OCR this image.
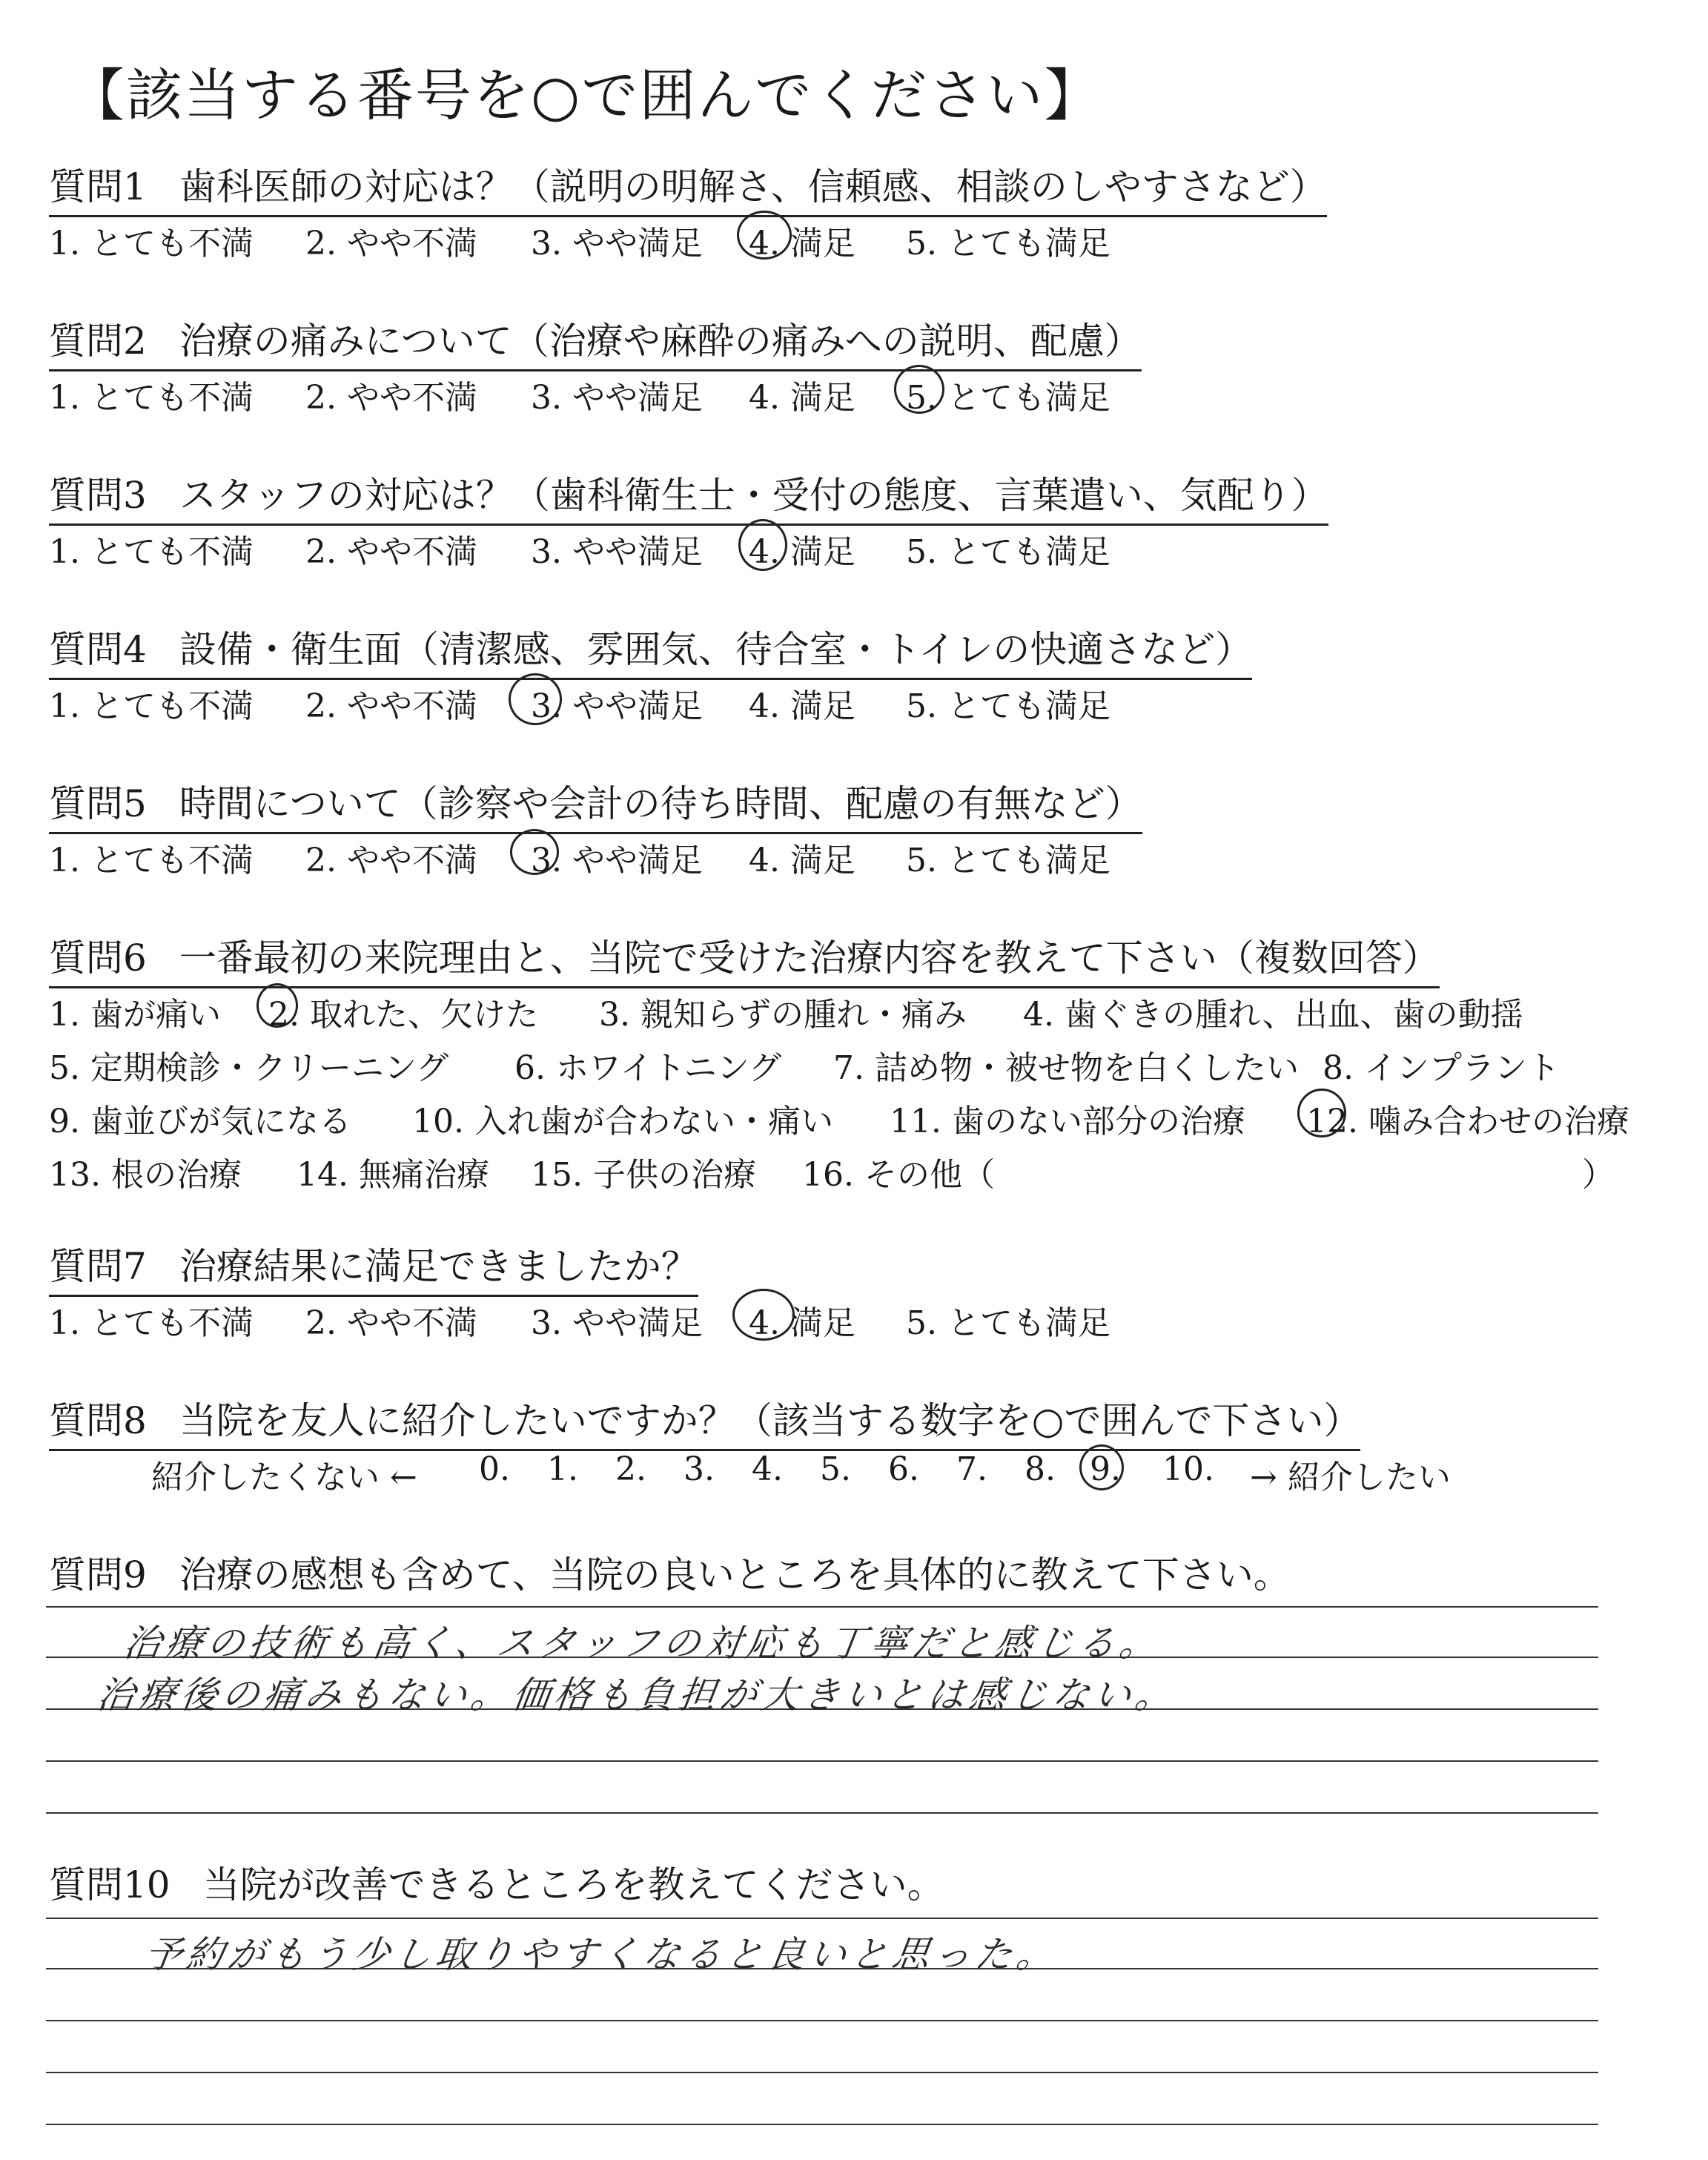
【該当する番号を○で囲んでください】
質問1 歯科医師の対応は？（説明の明解さ、信頼感、相談のしやすさなど）
1. とても不満 2. やや不満 3. やや満足 4. 満足 5. とても満足
質問2 治療の痛みについて（治療や麻酔の痛みへの説明、配慮）
1. とても不満 2. やや不満 3. やや満足 4. 満足 5. とても満足
質問3 スタッフの対応は？（歯科衛生士・受付の態度、言葉遣い、気配り）
1. とても不満 2. やや不満 3. やや満足 4. 満足 5. とても満足
質問4 設備・衛生面（清潔感、雰囲気、待合室・トイレの快適さなど）
1. とても不満 2. やや不満 3. やや満足 4. 満足 5. とても満足
質問5 時間について（診察や会計の待ち時間、配慮の有無など）
1. とても不満 2. やや不満 3. やや満足 4. 満足 5. とても満足
質問6 一番最初の来院理由と、当院で受けた治療内容を教えて下さい（複数回答）
1. 歯が痛い 2. 取れた、欠けた 3. 親知らずの腫れ・痛み 4. 歯ぐきの腫れ、出血、歯の動揺
5. 定期検診・クリーニング 6. ホワイトニング 7. 詰め物・被せ物を白くしたい 8. インプラント
9. 歯並びが気になる 10. 入れ歯が合わない・痛い 11. 歯のない部分の治療 12. 噛み合わせの治療
13. 根の治療 14. 無痛治療 15. 子供の治療 16. その他（	）
質問7 治療結果に満足できましたか？
1. とても不満 2. やや不満 3. やや満足 4. 満足 5. とても満足
質問8 当院を友人に紹介したいですか？（該当する数字を○で囲んで下さい）
紹介したくない ← 0. 1. 2. 3. 4. 5. 6. 7. 8. 9. 10. → 紹介したい
質問9 治療の感想も含めて、当院の良いところを具体的に教えて下さい。
治療の技術も高く、スタッフの対応も丁寧だと感じる。
治療後の痛みもない。価格も負担が大きいとは感じない。
質問10 当院が改善できるところを教えてください。
予約がもう少し取りやすくなると良いと思った。
